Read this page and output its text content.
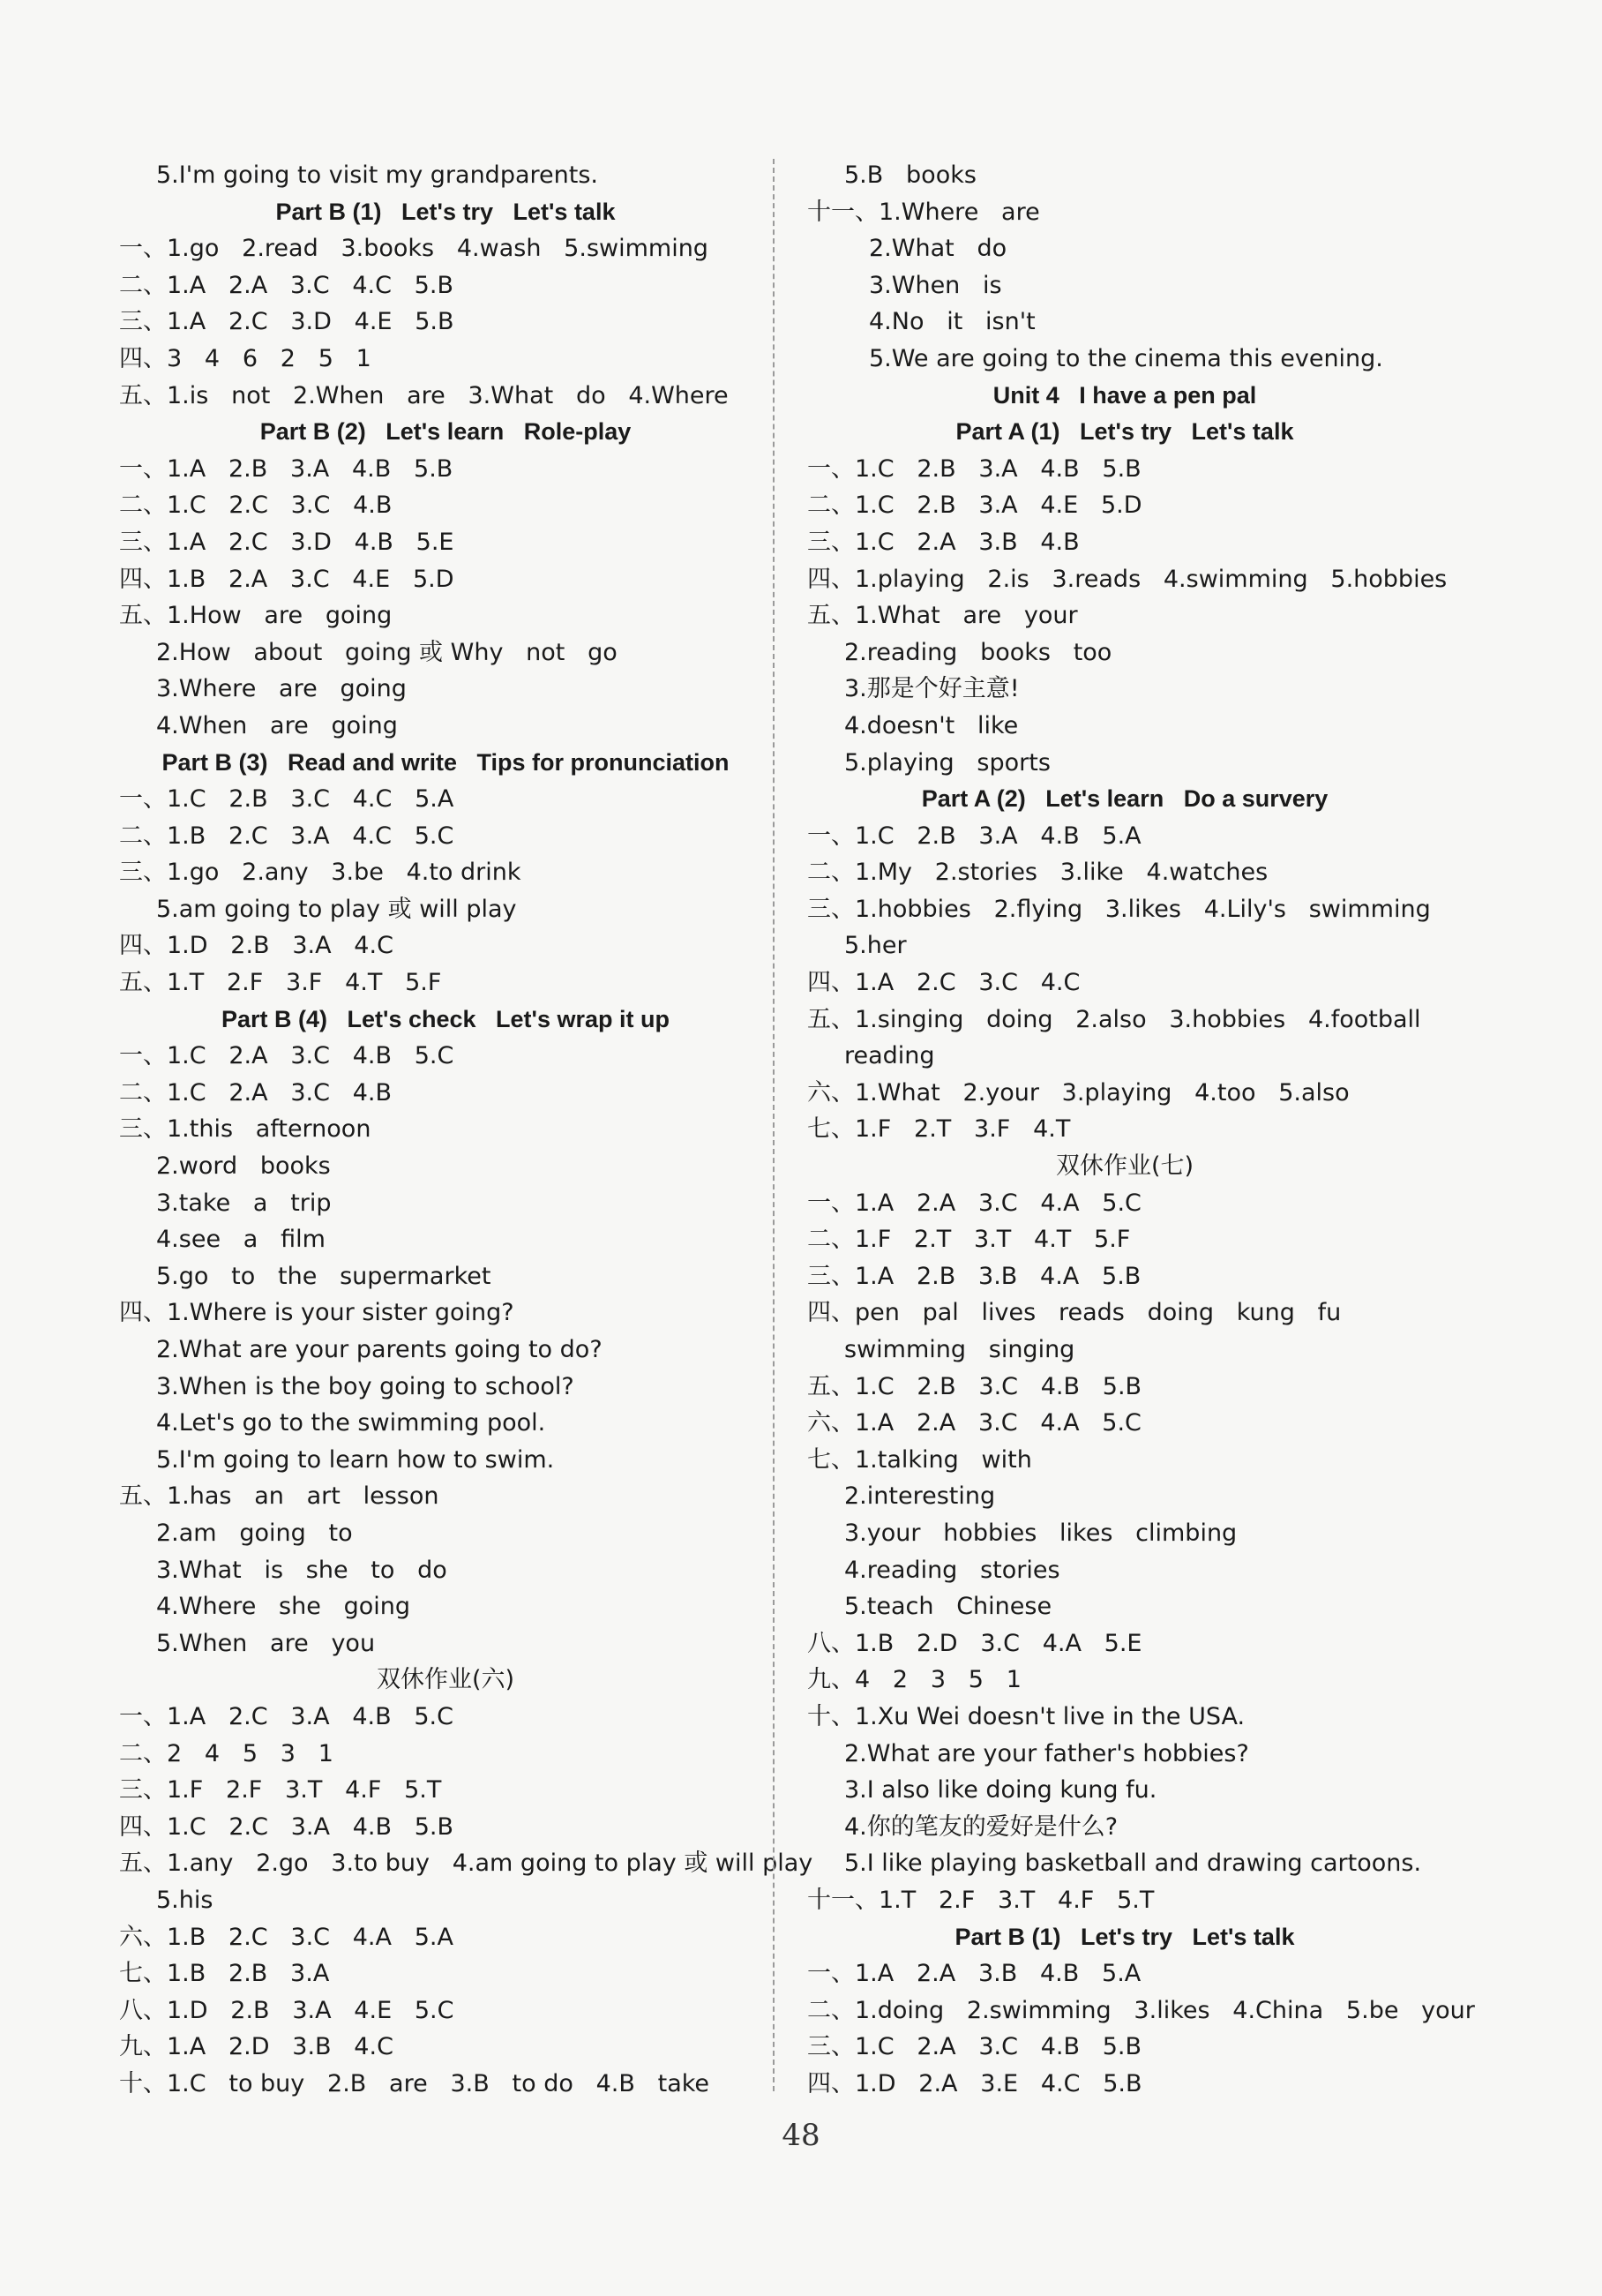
5.I'm going to visit my grandparents.
Part B (1)   Let's try   Let's talk
一、1.go   2.read   3.books   4.wash   5.swimming
二、1.A   2.A   3.C   4.C   5.B
三、1.A   2.C   3.D   4.E   5.B
四、3   4   6   2   5   1
五、1.is   not   2.When   are   3.What   do   4.Where
Part B (2)   Let's learn   Role-play
一、1.A   2.B   3.A   4.B   5.B
二、1.C   2.C   3.C   4.B
三、1.A   2.C   3.D   4.B   5.E
四、1.B   2.A   3.C   4.E   5.D
五、1.How   are   going
2.How   about   going 或 Why   not   go
3.Where   are   going
4.When   are   going
Part B (3)   Read and write   Tips for pronunciation
一、1.C   2.B   3.C   4.C   5.A
二、1.B   2.C   3.A   4.C   5.C
三、1.go   2.any   3.be   4.to drink
5.am going to play 或 will play
四、1.D   2.B   3.A   4.C
五、1.T   2.F   3.F   4.T   5.F
Part B (4)   Let's check   Let's wrap it up
一、1.C   2.A   3.C   4.B   5.C
二、1.C   2.A   3.C   4.B
三、1.this   afternoon
2.word   books
3.take   a   trip
4.see   a   film
5.go   to   the   supermarket
四、1.Where is your sister going?
2.What are your parents going to do?
3.When is the boy going to school?
4.Let's go to the swimming pool.
5.I'm going to learn how to swim.
五、1.has   an   art   lesson
2.am   going   to
3.What   is   she   to   do
4.Where   she   going
5.When   are   you
双休作业(六)
一、1.A   2.C   3.A   4.B   5.C
二、2   4   5   3   1
三、1.F   2.F   3.T   4.F   5.T
四、1.C   2.C   3.A   4.B   5.B
五、1.any   2.go   3.to buy   4.am going to play 或 will play
5.his
六、1.B   2.C   3.C   4.A   5.A
七、1.B   2.B   3.A
八、1.D   2.B   3.A   4.E   5.C
九、1.A   2.D   3.B   4.C
十、1.C   to buy   2.B   are   3.B   to do   4.B   take
5.B   books
十一、1.Where   are
2.What   do
3.When   is
4.No   it   isn't
5.We are going to the cinema this evening.
Unit 4   I have a pen pal
Part A (1)   Let's try   Let's talk
一、1.C   2.B   3.A   4.B   5.B
二、1.C   2.B   3.A   4.E   5.D
三、1.C   2.A   3.B   4.B
四、1.playing   2.is   3.reads   4.swimming   5.hobbies
五、1.What   are   your
2.reading   books   too
3.那是个好主意!
4.doesn't   like
5.playing   sports
Part A (2)   Let's learn   Do a survery
一、1.C   2.B   3.A   4.B   5.A
二、1.My   2.stories   3.like   4.watches
三、1.hobbies   2.flying   3.likes   4.Lily's   swimming
5.her
四、1.A   2.C   3.C   4.C
五、1.singing   doing   2.also   3.hobbies   4.football
reading
六、1.What   2.your   3.playing   4.too   5.also
七、1.F   2.T   3.F   4.T
双休作业(七)
一、1.A   2.A   3.C   4.A   5.C
二、1.F   2.T   3.T   4.T   5.F
三、1.A   2.B   3.B   4.A   5.B
四、pen   pal   lives   reads   doing   kung   fu
swimming   singing
五、1.C   2.B   3.C   4.B   5.B
六、1.A   2.A   3.C   4.A   5.C
七、1.talking   with
2.interesting
3.your   hobbies   likes   climbing
4.reading   stories
5.teach   Chinese
八、1.B   2.D   3.C   4.A   5.E
九、4   2   3   5   1
十、1.Xu Wei doesn't live in the USA.
2.What are your father's hobbies?
3.I also like doing kung fu.
4.你的笔友的爱好是什么?
5.I like playing basketball and drawing cartoons.
十一、1.T   2.F   3.T   4.F   5.T
Part B (1)   Let's try   Let's talk
一、1.A   2.A   3.B   4.B   5.A
二、1.doing   2.swimming   3.likes   4.China   5.be   your
三、1.C   2.A   3.C   4.B   5.B
四、1.D   2.A   3.E   4.C   5.B
48
